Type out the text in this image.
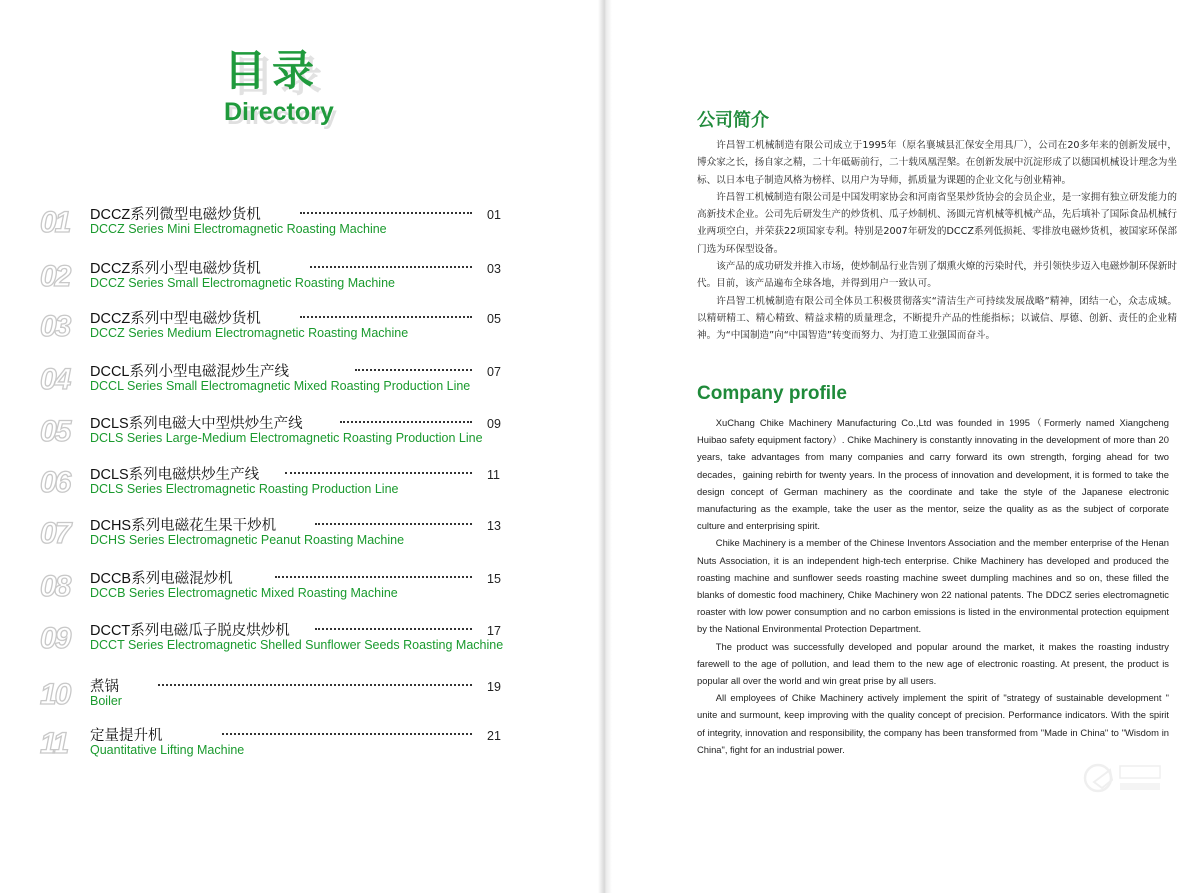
目录
Directory
01 DCCZ系列微型电磁炒货机
DCCZ Series Mini Electromagnetic Roasting Machine
01
02 DCCZ系列小型电磁炒货机
DCCZ Series Small Electromagnetic Roasting Machine
03
03 DCCZ系列中型电磁炒货机
DCCZ Series Medium Electromagnetic Roasting Machine
05
04 DCCL系列小型电磁混炒生产线
DCCL Series Small Electromagnetic Mixed Roasting Production Line
07
05 DCLS系列电磁大中型烘炒生产线
DCLS Series Large-Medium Electromagnetic Roasting Production Line
09
06 DCLS系列电磁烘炒生产线
DCLS Series Electromagnetic Roasting Production Line
11
07 DCHS系列电磁花生果干炒机
DCHS Series Electromagnetic Peanut Roasting Machine
13
08 DCCB系列电磁混炒机
DCCB Series Electromagnetic Mixed Roasting Machine
15
09 DCCT系列电磁瓜子脱皮烘炒机
DCCT Series Electromagnetic Shelled Sunflower Seeds Roasting Machine
17
10 煮锅
Boiler
19
11 定量提升机
Quantitative Lifting Machine
21
公司简介

许昌智工机械制造有限公司成立于1995年（原名襄城县汇保安全用具厂），公司在20多年来的创新发展中，博众家之长，扬自家之精，二十年砥砺前行，二十载凤凰涅槃。在创新发展中沉淀形成了以德国机械设计理念为坐标、以日本电子制造风格为榜样、以用户为导师，抓质量为课题的企业文化与创业精神。

许昌智工机械制造有限公司是中国发明家协会和河南省坚果炒货协会的会员企业，是一家拥有独立研发能力的高新技术企业。公司先后研发生产的炒货机、瓜子炒制机、汤圆元宵机械等机械产品，先后填补了国际食品机械行业两项空白，并荣获22项国家专利。特别是2007年研发的DCCZ系列低损耗、零排放电磁炒货机，被国家环保部门选为环保型设备。

该产品的成功研发并推入市场，使炒制品行业告别了烟熏火燎的污染时代，并引领快步迈入电磁炒制环保新时代。目前，该产品遍布全球各地，并得到用户一致认可。

许昌智工机械制造有限公司全体员工积极贯彻落实“清洁生产可持续发展战略”精神，团结一心，众志成城。以精研精工、精心精致、精益求精的质量理念，不断提升产品的性能指标；以诚信、厚德、创新、责任的企业精神。为“中国制造”向“中国智造”转变而努力、为打造工业强国而奋斗。

Company profile

XuChang Chike Machinery Manufacturing Co.,Ltd was founded in 1995（Formerly named Xiangcheng Huibao safety equipment factory）. Chike Machinery is constantly innovating in the development of more than 20 years, take advantages from many companies and carry forward its own strength, forging ahead for two decades，gaining rebirth for twenty years. In the process of innovation and development, it is formed to take the design concept of German machinery as the coordinate and take the style of the Japanese electronic manufacturing as the example, take the user as the mentor, seize the quality as as the subject of corporate culture and enterprising spirit.

Chike Machinery is a member of the Chinese Inventors Association and the member enterprise of the Henan Nuts Association, it is an independent high-tech enterprise. Chike Machinery has developed and produced the roasting machine and sunflower seeds roasting machine sweet dumpling machines and so on, these filled the blanks of domestic food machinery, Chike Machinery won 22 national patents. The DDCZ series electromagnetic roaster with low power consumption and no carbon emissions is listed in the environmental protection equipment by the National Environmental Protection Department.

The product was successfully developed and popular around the market, it makes the roasting industry farewell to the age of pollution, and lead them to the new age of electronic roasting. At present, the product is popular all over the world and win great prise by all users.

All employees of Chike Machinery actively implement the spirit of "strategy of sustainable development " unite and surmount, keep improving with the quality concept of precision. Performance indicators. With the spirit of integrity, innovation and responsibility, the company has been transformed from "Made in China" to "Wisdom in China", fight for an industrial power.
